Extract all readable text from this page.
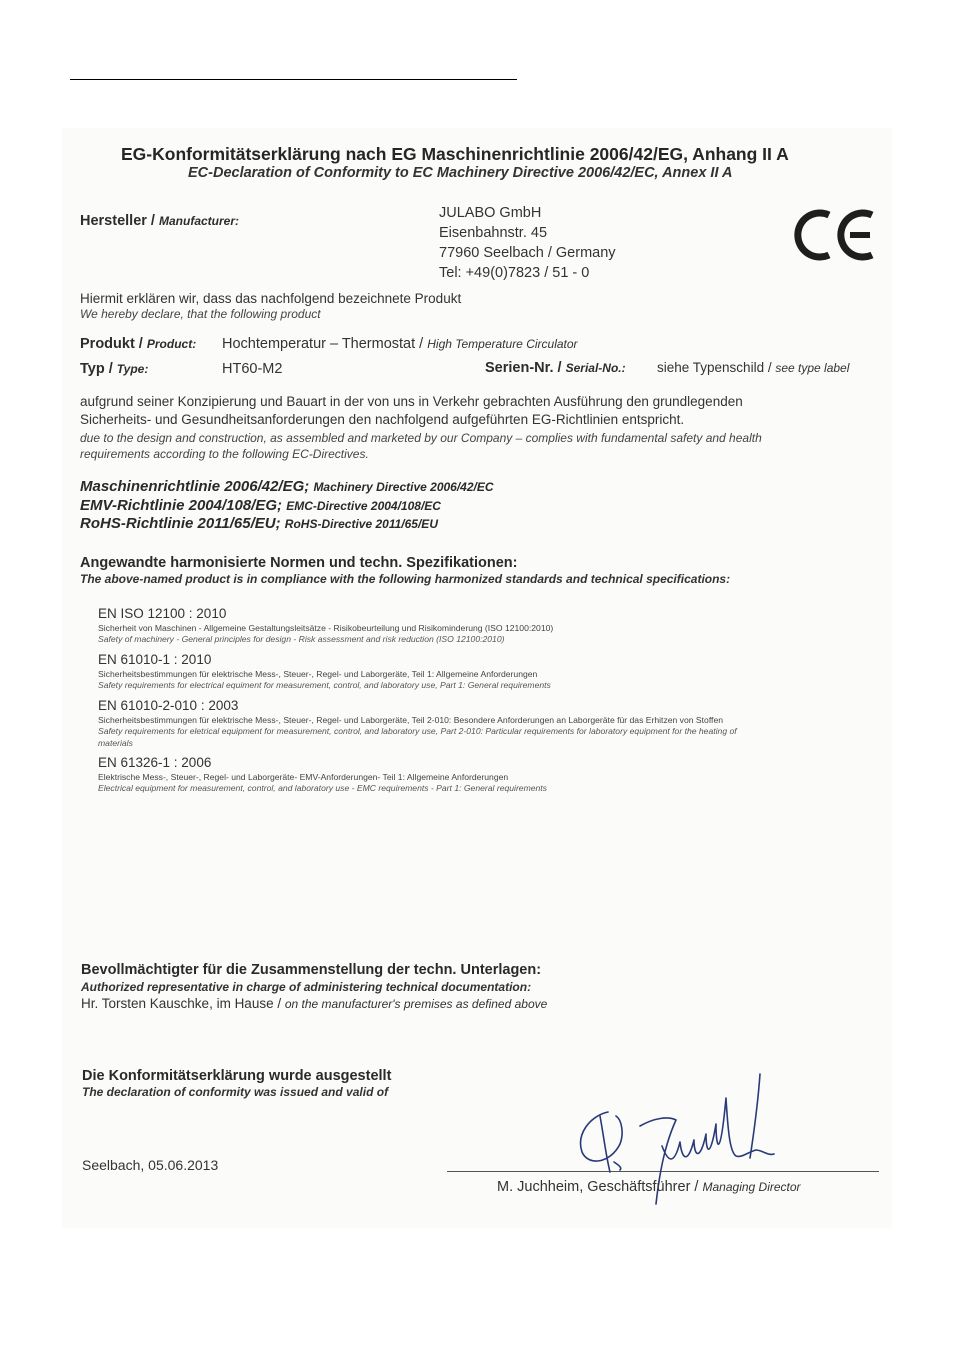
EG-Konformitätserklärung nach EG Maschinenrichtlinie 2006/42/EG, Anhang II A
EC-Declaration of Conformity to EC Machinery Directive 2006/42/EC, Annex II A
Hersteller / Manufacturer:	JULABO GmbH
Eisenbahnstr. 45
77960 Seelbach / Germany
Tel: +49(0)7823 / 51 - 0
Hiermit erklären wir, dass das nachfolgend bezeichnete Produkt
We hereby declare, that the following product
Produkt / Product: Hochtemperatur – Thermostat / High Temperature Circulator
Typ / Type:	HT60-M2	Serien-Nr. / Serial-No.: siehe Typenschild / see type label
aufgrund seiner Konzipierung und Bauart in der von uns in Verkehr gebrachten Ausführung den grundlegenden
Sicherheits- und Gesundheitsanforderungen den nachfolgend aufgeführten EG-Richtlinien entspricht.
due to the design and construction, as assembled and marketed by our Company – complies with fundamental safety and health
requirements according to the following EC-Directives.
Maschinenrichtlinie 2006/42/EG; Machinery Directive 2006/42/EC
EMV-Richtlinie 2004/108/EG; EMC-Directive 2004/108/EC
RoHS-Richtlinie 2011/65/EU; RoHS-Directive 2011/65/EU
Angewandte harmonisierte Normen und techn. Spezifikationen:
The above-named product is in compliance with the following harmonized standards and technical specifications:
EN ISO 12100 : 2010
Sicherheit von Maschinen - Allgemeine Gestaltungsleitsätze - Risikobeurteilung und Risikominderung (ISO 12100:2010)
Safety of machinery - General principles for design - Risk assessment and risk reduction (ISO 12100:2010)
EN 61010-1 : 2010
Sicherheitsbestimmungen für elektrische Mess-, Steuer-, Regel- und Laborgeräte, Teil 1: Allgemeine Anforderungen
Safety requirements for electrical equiment for measurement, control, and laboratory use, Part 1: General requirements
EN 61010-2-010 : 2003
Sicherheitsbestimmungen für elektrische Mess-, Steuer-, Regel- und Laborgeräte, Teil 2-010: Besondere Anforderungen an Laborgeräte für das Erhitzen von Stoffen
Safety requirements for eletrical equipment for measurement, control, and laboratory use, Part 2-010: Particular requirements for laboratory equipment for the heating of
materials
EN 61326-1 : 2006
Elektrische Mess-, Steuer-, Regel- und Laborgeräte- EMV-Anforderungen- Teil 1: Allgemeine Anforderungen
Electrical equipment for measurement, control, and laboratory use - EMC requirements - Part 1: General requirements
Bevollmächtigter für die Zusammenstellung der techn. Unterlagen:
Authorized representative in charge of administering technical documentation:
Hr. Torsten Kauschke, im Hause / on the manufacturer's premises as defined above
Die Konformitätserklärung wurde ausgestellt
The declaration of conformity was issued and valid of
Seelbach, 05.06.2013
M. Juchheim, Geschäftsführer / Managing Director
